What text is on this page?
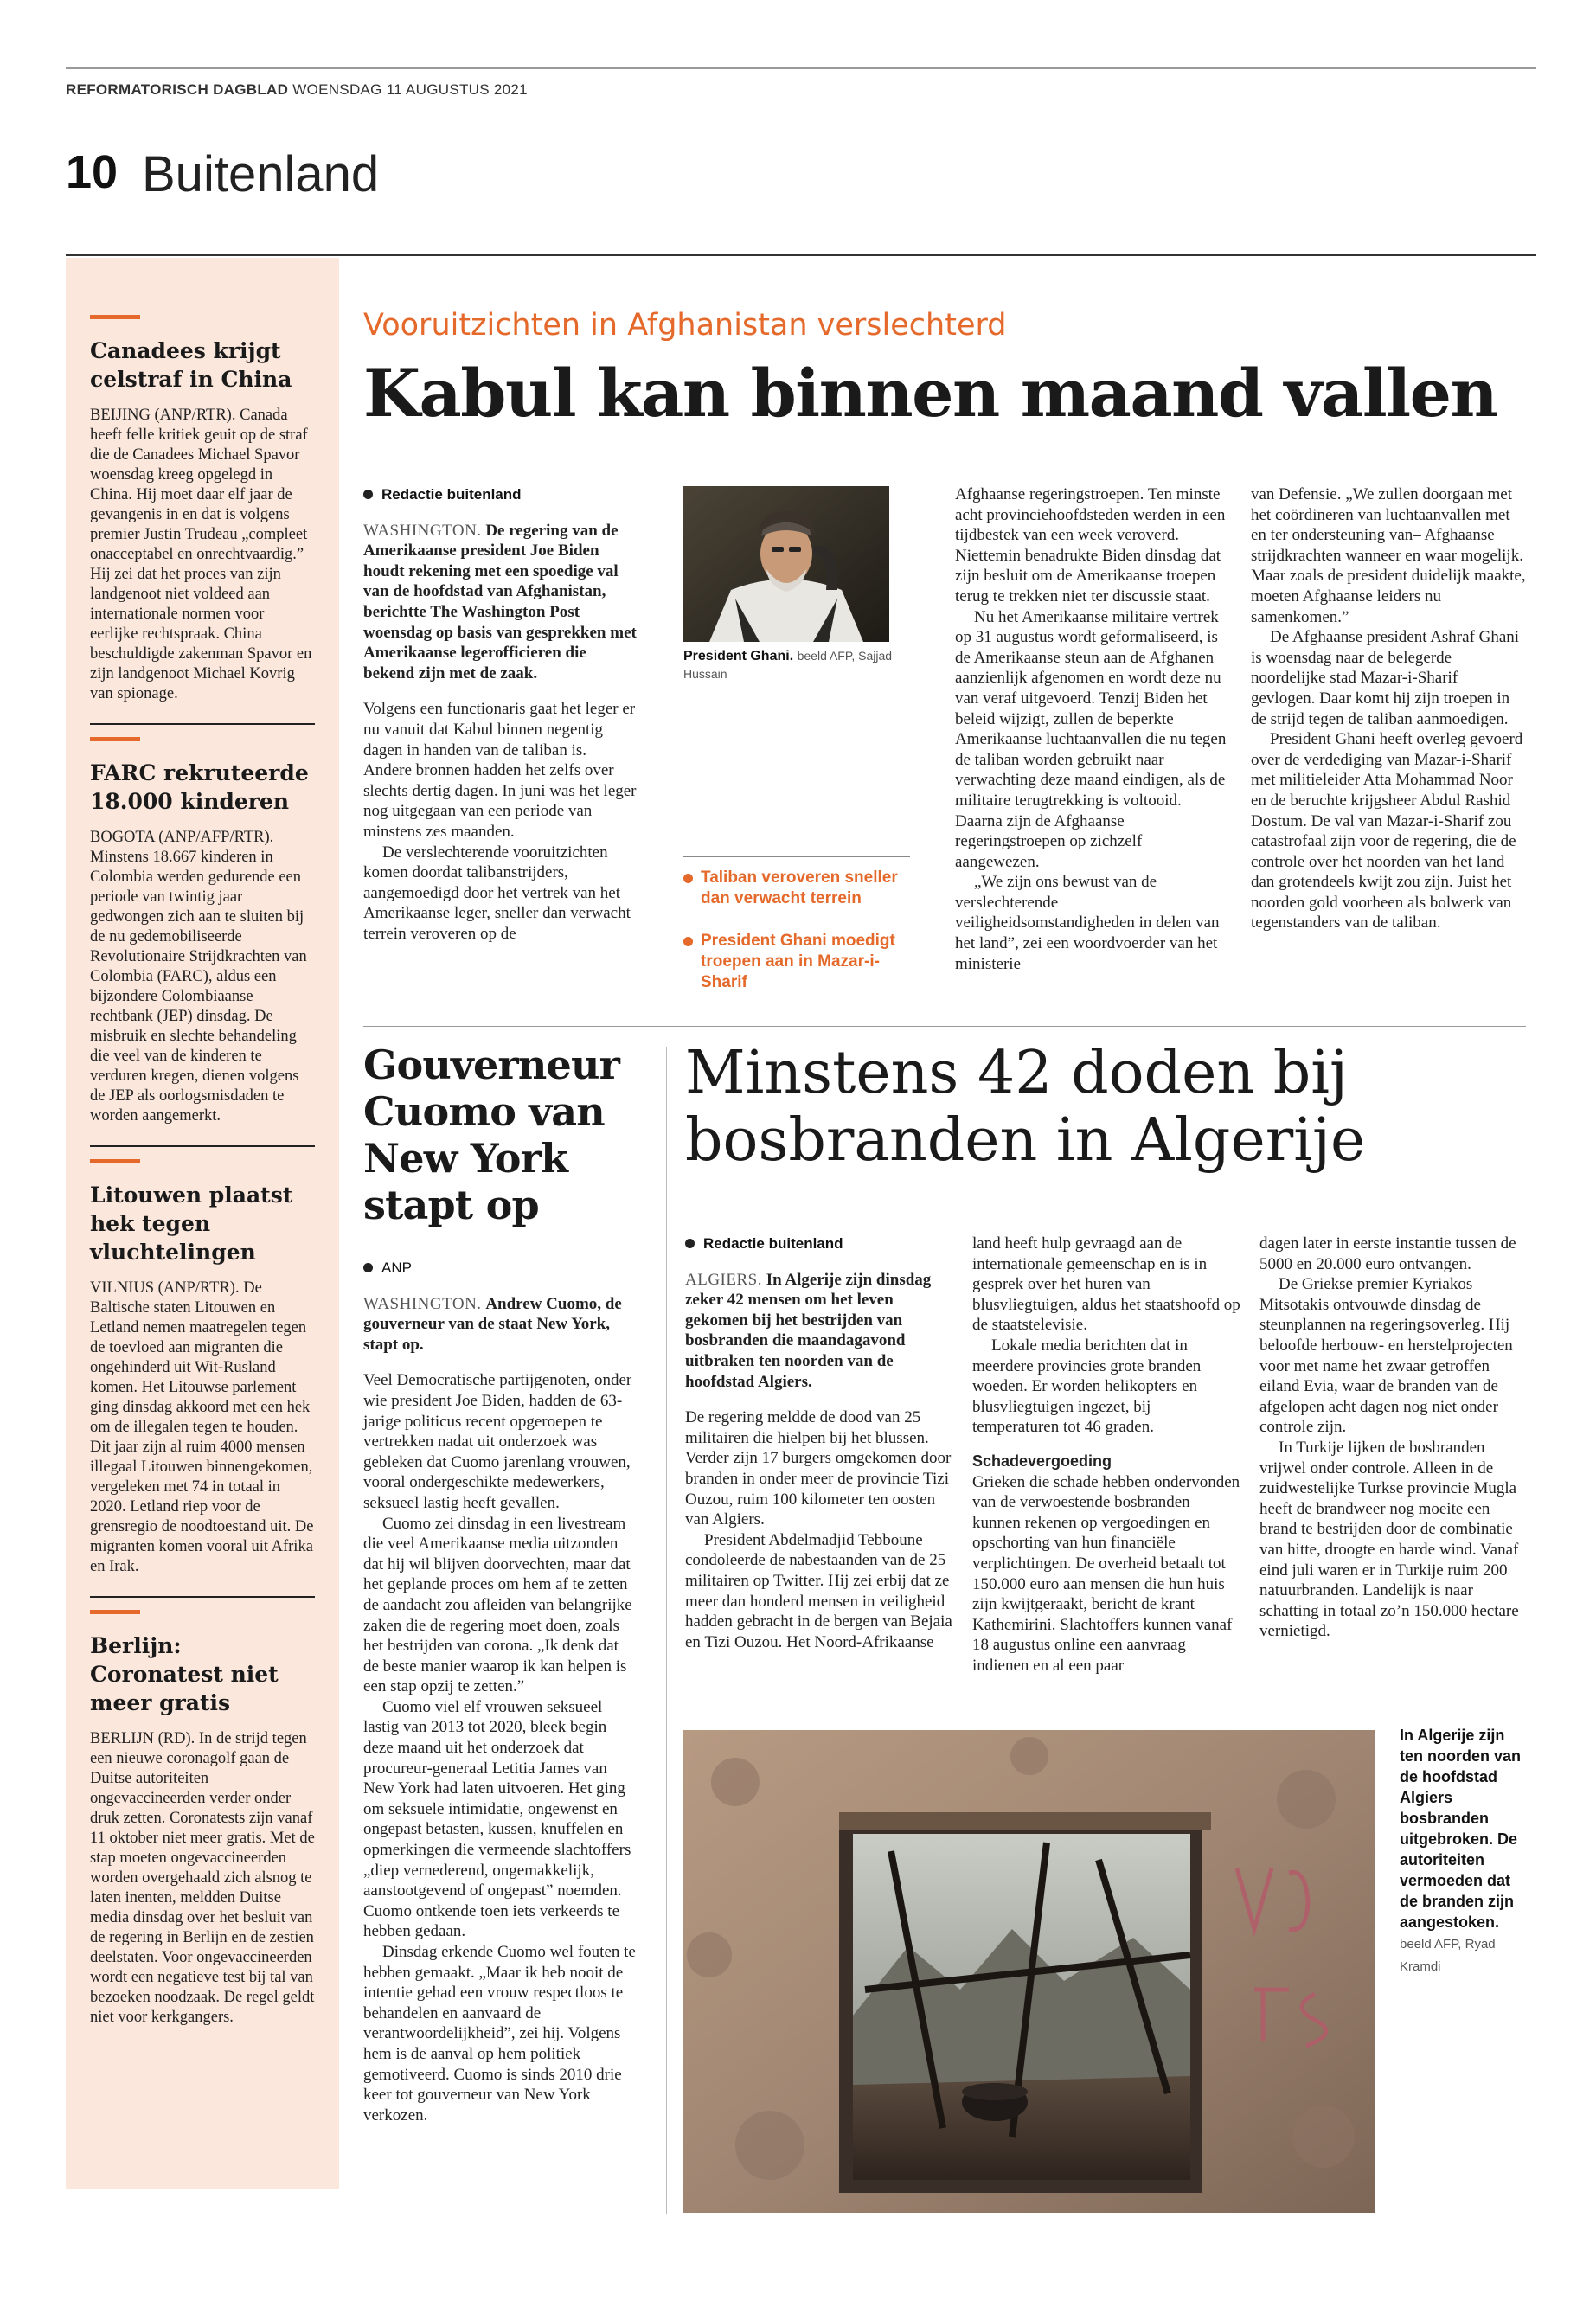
REFORMATORISCH DAGBLAD WOENSDAG 11 AUGUSTUS 2021
10 Buitenland
Canadees krijgt celstraf in China

BEIJING (ANP/RTR). Canada heeft felle kritiek geuit op de straf die de Canadees Michael Spavor woensdag kreeg opgelegd in China. Hij moet daar elf jaar de gevangenis in en dat is volgens premier Justin Trudeau „compleet onacceptabel en onrechtvaardig.” Hij zei dat het proces van zijn landgenoot niet voldeed aan internationale normen voor eerlijke rechtspraak. China beschuldigde zakenman Spavor en zijn landgenoot Michael Kovrig van spionage.

FARC rekruteerde 18.000 kinderen

BOGOTA (ANP/AFP/RTR). Minstens 18.667 kinderen in Colombia werden gedurende een periode van twintig jaar gedwongen zich aan te sluiten bij de nu gedemobiliseerde Revolutionaire Strijdkrachten van Colombia (FARC), aldus een bijzondere Colombiaanse rechtbank (JEP) dinsdag. De misbruik en slechte behandeling die veel van de kinderen te verduren kregen, dienen volgens de JEP als oorlogsmisdaden te worden aangemerkt.

Litouwen plaatst hek tegen vluchtelingen

VILNIUS (ANP/RTR). De Baltische staten Litouwen en Letland nemen maatregelen tegen de toevloed aan migranten die ongehinderd uit Wit-Rusland komen. Het Litouwse parlement ging dinsdag akkoord met een hek om de illegalen tegen te houden. Dit jaar zijn al ruim 4000 mensen illegaal Litouwen binnengekomen, vergeleken met 74 in totaal in 2020. Letland riep voor de grensregio de noodtoestand uit. De migranten komen vooral uit Afrika en Irak.

Berlijn: Coronatest niet meer gratis

BERLIJN (RD). In de strijd tegen een nieuwe coronagolf gaan de Duitse autoriteiten ongevaccineerden verder onder druk zetten. Coronatests zijn vanaf 11 oktober niet meer gratis. Met de stap moeten ongevaccineerden worden overgehaald zich alsnog te laten inenten, meldden Duitse media dinsdag over het besluit van de regering in Berlijn en de zestien deelstaten. Voor ongevaccineerden wordt een negatieve test bij tal van bezoeken noodzaak. De regel geldt niet voor kerkgangers.

Vooruitzichten in Afghanistan verslechterd
Kabul kan binnen maand vallen
Redactie buitenland

WASHINGTON. De regering van de Amerikaanse president Joe Biden houdt rekening met een spoedige val van de hoofdstad van Afghanistan, berichtte The Washington Post woensdag op basis van gesprekken met Amerikaanse legerofficieren die bekend zijn met de zaak.

Volgens een functionaris gaat het leger er nu vanuit dat Kabul binnen negentig dagen in handen van de taliban is. Andere bronnen hadden het zelfs over slechts dertig dagen. In juni was het leger nog uitgegaan van een periode van minstens zes maanden.

De verslechterende vooruitzichten komen doordat talibanstrijders, aangemoedigd door het vertrek van het Amerikaanse leger, sneller dan verwacht terrein veroveren op de

President Ghani. beeld AFP, Sajjad Hussain
Taliban veroveren sneller dan verwacht terrein
President Ghani moedigt troepen aan in Mazar-i-Sharif

Afghaanse regeringstroepen. Ten minste acht provinciehoofdsteden werden in een tijdbestek van een week veroverd. Niettemin benadrukte Biden dinsdag dat zijn besluit om de Amerikaanse troepen terug te trekken niet ter discussie staat.

Nu het Amerikaanse militaire vertrek op 31 augustus wordt geformaliseerd, is de Amerikaanse steun aan de Afghanen aanzienlijk afgenomen en wordt deze nu van veraf uitgevoerd. Tenzij Biden het beleid wijzigt, zullen de beperkte Amerikaanse luchtaanvallen die nu tegen de taliban worden gebruikt naar verwachting deze maand eindigen, als de militaire terugtrekking is voltooid. Daarna zijn de Afghaanse regeringstroepen op zichzelf aangewezen.

„We zijn ons bewust van de verslechterende veiligheidsomstandigheden in delen van het land”, zei een woordvoerder van het ministerie

van Defensie. „We zullen doorgaan met het coördineren van luchtaanvallen met –en ter ondersteuning van– Afghaanse strijdkrachten wanneer en waar mogelijk. Maar zoals de president duidelijk maakte, moeten Afghaanse leiders nu samenkomen.”

De Afghaanse president Ashraf Ghani is woensdag naar de belegerde noordelijke stad Mazar-i-Sharif gevlogen. Daar komt hij zijn troepen in de strijd tegen de taliban aanmoedigen.

President Ghani heeft overleg gevoerd over de verdediging van Mazar-i-Sharif met militieleider Atta Mohammad Noor en de beruchte krijgsheer Abdul Rashid Dostum. De val van Mazar-i-Sharif zou catastrofaal zijn voor de regering, die de controle over het noorden van het land dan grotendeels kwijt zou zijn. Juist het noorden gold voorheen als bolwerk van tegenstanders van de taliban.

Gouverneur Cuomo van New York stapt op
ANP

WASHINGTON. Andrew Cuomo, de gouverneur van de staat New York, stapt op.

Veel Democratische partijgenoten, onder wie president Joe Biden, hadden de 63-jarige politicus recent opgeroepen te vertrekken nadat uit onderzoek was gebleken dat Cuomo jarenlang vrouwen, vooral ondergeschikte medewerkers, seksueel lastig heeft gevallen.

Cuomo zei dinsdag in een livestream die veel Amerikaanse media uitzonden dat hij wil blijven doorvechten, maar dat het geplande proces om hem af te zetten de aandacht zou afleiden van belangrijke zaken die de regering moet doen, zoals het bestrijden van corona. „Ik denk dat de beste manier waarop ik kan helpen is een stap opzij te zetten.”

Cuomo viel elf vrouwen seksueel lastig van 2013 tot 2020, bleek begin deze maand uit het onderzoek dat procureur-generaal Letitia James van New York had laten uitvoeren. Het ging om seksuele intimidatie, ongewenst en ongepast betasten, kussen, knuffelen en opmerkingen die vermeende slachtoffers „diep vernederend, ongemakkelijk, aanstootgevend of ongepast” noemden. Cuomo ontkende toen iets verkeerds te hebben gedaan.

Dinsdag erkende Cuomo wel fouten te hebben gemaakt. „Maar ik heb nooit de intentie gehad een vrouw respectloos te behandelen en aanvaard de verantwoordelijkheid”, zei hij. Volgens hem is de aanval op hem politiek gemotiveerd. Cuomo is sinds 2010 drie keer tot gouverneur van New York verkozen.

Minstens 42 doden bij bosbranden in Algerije
Redactie buitenland

ALGIERS. In Algerije zijn dinsdag zeker 42 mensen om het leven gekomen bij het bestrijden van bosbranden die maandagavond uitbraken ten noorden van de hoofdstad Algiers.

De regering meldde de dood van 25 militairen die hielpen bij het blussen. Verder zijn 17 burgers omgekomen door branden in onder meer de provincie Tizi Ouzou, ruim 100 kilometer ten oosten van Algiers.

President Abdelmadjid Tebboune condoleerde de nabestaanden van de 25 militairen op Twitter. Hij zei erbij dat ze meer dan honderd mensen in veiligheid hadden gebracht in de bergen van Bejaia en Tizi Ouzou. Het Noord-Afrikaanse

land heeft hulp gevraagd aan de internationale gemeenschap en is in gesprek over het huren van blusvliegtuigen, aldus het staatshoofd op de staatstelevisie.

Lokale media berichten dat in meerdere provincies grote branden woeden. Er worden helikopters en blusvliegtuigen ingezet, bij temperaturen tot 46 graden.

Schadevergoeding

Grieken die schade hebben ondervonden van de verwoestende bosbranden kunnen rekenen op vergoedingen en opschorting van hun financiële verplichtingen. De overheid betaalt tot 150.000 euro aan mensen die hun huis zijn kwijtgeraakt, bericht de krant Kathemirini. Slachtoffers kunnen vanaf 18 augustus online een aanvraag indienen en al een paar

dagen later in eerste instantie tussen de 5000 en 20.000 euro ontvangen.

De Griekse premier Kyriakos Mitsotakis ontvouwde dinsdag de steunplannen na regeringsoverleg. Hij beloofde herbouw- en herstelprojecten voor met name het zwaar getroffen eiland Evia, waar de branden van de afgelopen acht dagen nog niet onder controle zijn.

In Turkije lijken de bosbranden vrijwel onder controle. Alleen in de zuidwestelijke Turkse provincie Mugla heeft de brandweer nog moeite een brand te bestrijden door de combinatie van hitte, droogte en harde wind. Vanaf eind juli waren er in Turkije ruim 200 natuurbranden. Landelijk is naar schatting in totaal zo’n 150.000 hectare vernietigd.

In Algerije zijn ten noorden van de hoofdstad Algiers bosbranden uitgebroken. De autoriteiten vermoeden dat de branden zijn aangestoken. beeld AFP, Ryad Kramdi
